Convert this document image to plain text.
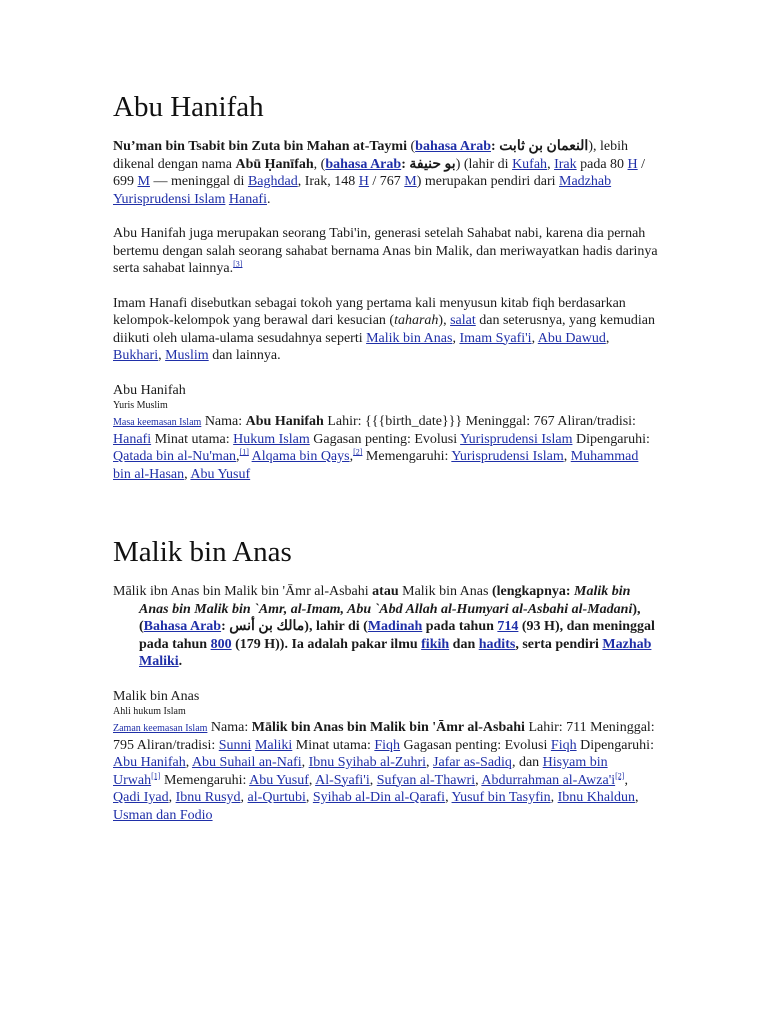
Abu Hanifah

Nu’man bin Tsabit bin Zuta bin Mahan at-Taymi (bahasa Arab: النعمان بن ثابت), lebih dikenal dengan nama Abū Ḥanīfah, (bahasa Arab: بو حنيفة) (lahir di Kufah, Irak pada 80 H / 699 M — meninggal di Baghdad, Irak, 148 H / 767 M) merupakan pendiri dari Madzhab Yurisprudensi Islam Hanafi.

Abu Hanifah juga merupakan seorang Tabi'in, generasi setelah Sahabat nabi, karena dia pernah bertemu dengan salah seorang sahabat bernama Anas bin Malik, dan meriwayatkan hadis darinya serta sahabat lainnya.[3]

Imam Hanafi disebutkan sebagai tokoh yang pertama kali menyusun kitab fiqh berdasarkan kelompok-kelompok yang berawal dari kesucian (taharah), salat dan seterusnya, yang kemudian diikuti oleh ulama-ulama sesudahnya seperti Malik bin Anas, Imam Syafi'i, Abu Dawud, Bukhari, Muslim dan lainnya.

Abu Hanifah

Yuris Muslim

Masa keemasan Islam Nama: Abu Hanifah Lahir: {{{birth_date}}} Meninggal: 767 Aliran/tradisi: Hanafi Minat utama: Hukum Islam Gagasan penting: Evolusi Yurisprudensi Islam Dipengaruhi: Qatada bin al-Nu'man,[1] Alqama bin Qays,[2] Memengaruhi: Yurisprudensi Islam, Muhammad bin al-Hasan, Abu Yusuf

Malik bin Anas

Mālik ibn Anas bin Malik bin 'Āmr al-Asbahi atau Malik bin Anas (lengkapnya: Malik bin Anas bin Malik bin `Amr, al-Imam, Abu `Abd Allah al-Humyari al-Asbahi al-Madani), (Bahasa Arab: مالك بن أنس), lahir di (Madinah pada tahun 714 (93 H), dan meninggal pada tahun 800 (179 H)). Ia adalah pakar ilmu fikih dan hadits, serta pendiri Mazhab Maliki.

Malik bin Anas

Ahli hukum Islam

Zaman keemasan Islam Nama: Mālik bin Anas bin Malik bin 'Āmr al-Asbahi Lahir: 711 Meninggal: 795 Aliran/tradisi: Sunni Maliki Minat utama: Fiqh Gagasan penting: Evolusi Fiqh Dipengaruhi: Abu Hanifah, Abu Suhail an-Nafi, Ibnu Syihab al-Zuhri, Jafar as-Sadiq, dan Hisyam bin Urwah[1] Memengaruhi: Abu Yusuf, Al-Syafi'i, Sufyan al-Thawri, Abdurrahman al-Awza'i[2], Qadi Iyad, Ibnu Rusyd, al-Qurtubi, Syihab al-Din al-Qarafi, Yusuf bin Tasyfin, Ibnu Khaldun, Usman dan Fodio
